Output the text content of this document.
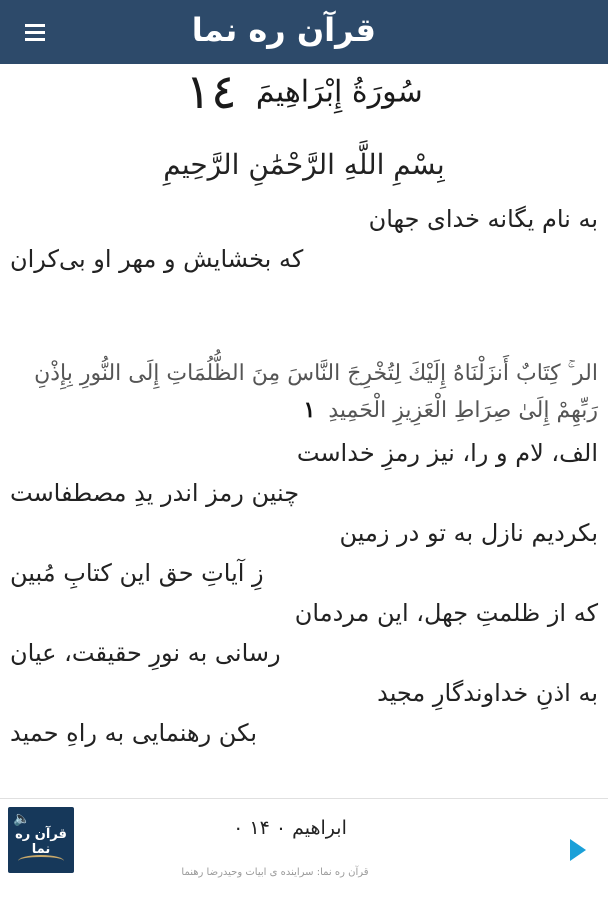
قرآن ره نما
سُورَةُ إِبْرَاهِيمَ ١٤
بِسْمِ اللَّهِ الرَّحْمَٰنِ الرَّحِيمِ
به نام یگانه خدای جهان
که بخشایش و مهر او بی‌کران
الر ۚ كِتَابٌ أَنزَلْنَاهُ إِلَيْكَ لِتُخْرِجَ النَّاسَ مِنَ الظُّلُمَاتِ إِلَى النُّورِ بِإِذْنِ رَبِّهِمْ إِلَىٰ صِرَاطِ الْعَزِيزِ الْحَمِيدِ ١
الف، لام و را، نیز رمزِ خداست
چنین رمز اندر یدِ مصطفاست
بکردیم نازل به تو در زمین
زِ آیاتِ حق این کتابِ مُبین
که از ظلمتِ جهل، این مردمان
رسانی به نورِ حقیقت، عیان
به اذنِ خداوندگارِ مجید
بکن رهنمایی به راهِ حمید
🔈
قرآن ره نما
ابراهیم ۰ ۱۴ ۰
قرآن ره نما: سراینده ی ابیات وحیدرضا رهنما
